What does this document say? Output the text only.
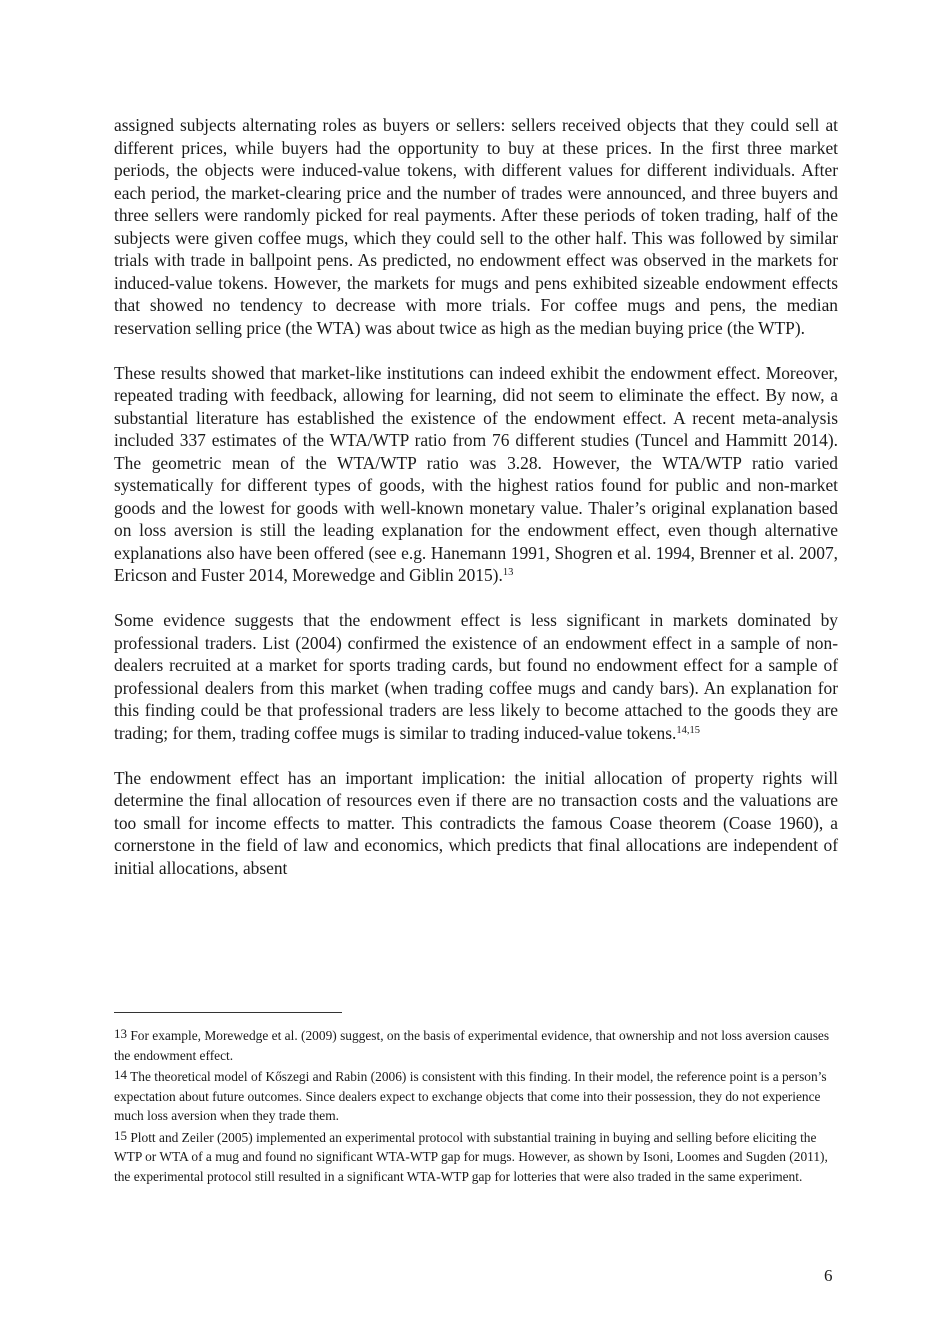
assigned subjects alternating roles as buyers or sellers: sellers received objects that they could sell at different prices, while buyers had the opportunity to buy at these prices. In the first three market periods, the objects were induced-value tokens, with different values for different individuals. After each period, the market-clearing price and the number of trades were announced, and three buyers and three sellers were randomly picked for real payments. After these periods of token trading, half of the subjects were given coffee mugs, which they could sell to the other half. This was followed by similar trials with trade in ballpoint pens. As predicted, no endowment effect was observed in the markets for induced-value tokens. However, the markets for mugs and pens exhibited sizeable endowment effects that showed no tendency to decrease with more trials. For coffee mugs and pens, the median reservation selling price (the WTA) was about twice as high as the median buying price (the WTP).

These results showed that market-like institutions can indeed exhibit the endowment effect. Moreover, repeated trading with feedback, allowing for learning, did not seem to eliminate the effect. By now, a substantial literature has established the existence of the endowment effect. A recent meta-analysis included 337 estimates of the WTA/WTP ratio from 76 different studies (Tuncel and Hammitt 2014). The geometric mean of the WTA/WTP ratio was 3.28. However, the WTA/WTP ratio varied systematically for different types of goods, with the highest ratios found for public and non-market goods and the lowest for goods with well-known monetary value. Thaler’s original explanation based on loss aversion is still the leading explanation for the endowment effect, even though alternative explanations also have been offered (see e.g. Hanemann 1991, Shogren et al. 1994, Brenner et al. 2007, Ericson and Fuster 2014, Morewedge and Giblin 2015).$^{13}$

Some evidence suggests that the endowment effect is less significant in markets dominated by professional traders. List (2004) confirmed the existence of an endowment effect in a sample of non-dealers recruited at a market for sports trading cards, but found no endowment effect for a sample of professional dealers from this market (when trading coffee mugs and candy bars). An explanation for this finding could be that professional traders are less likely to become attached to the goods they are trading; for them, trading coffee mugs is similar to trading induced-value tokens.$^{14,15}$

The endowment effect has an important implication: the initial allocation of property rights will determine the final allocation of resources even if there are no transaction costs and the valuations are too small for income effects to matter. This contradicts the famous Coase theorem (Coase 1960), a cornerstone in the field of law and economics, which predicts that final allocations are independent of initial allocations, absent

$^{13}$ For example, Morewedge et al. (2009) suggest, on the basis of experimental evidence, that ownership and not loss aversion causes the endowment effect.

$^{14}$ The theoretical model of Kőszegi and Rabin (2006) is consistent with this finding. In their model, the reference point is a person’s expectation about future outcomes. Since dealers expect to exchange objects that come into their possession, they do not experience much loss aversion when they trade them.

$^{15}$ Plott and Zeiler (2005) implemented an experimental protocol with substantial training in buying and selling before eliciting the WTP or WTA of a mug and found no significant WTA-WTP gap for mugs. However, as shown by Isoni, Loomes and Sugden (2011), the experimental protocol still resulted in a significant WTA-WTP gap for lotteries that were also traded in the same experiment.

6
